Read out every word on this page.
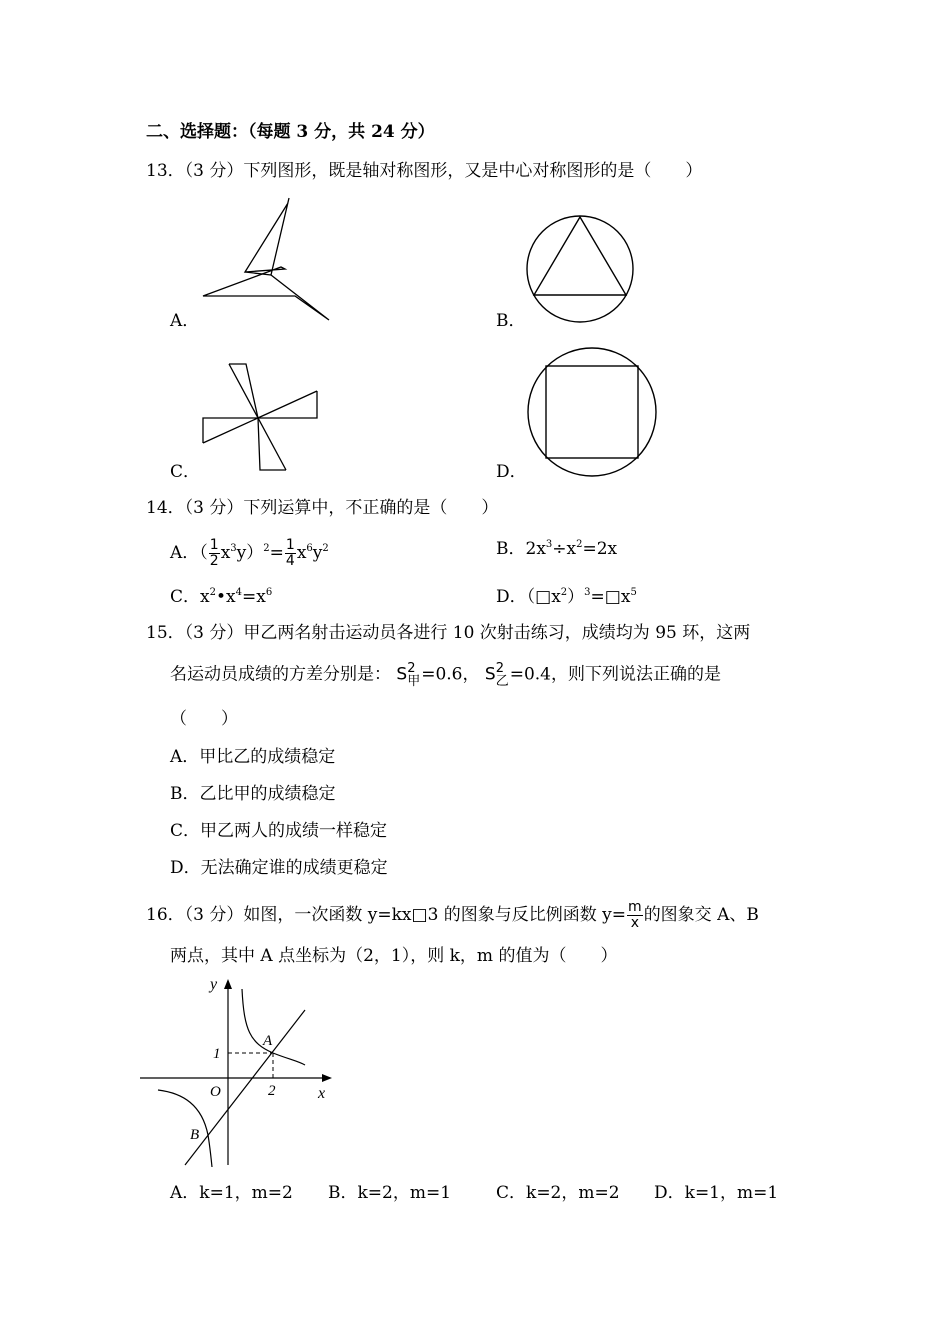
二、选择题：（每题 3 分，共 24 分）
13．（3 分）下列图形，既是轴对称图形，又是中心对称图形的是（　　）
A．	B．
C．	D．
14．（3 分）下列运算中，不正确的是（　　）
A．（ $\frac{1}{2} x^3y)^2= \frac{1}{4} x^6y^2$	B．$2x^3\div x^2=2x$
C．$x^2•x^4=x^6$	D．$(□x^2)^3=□x^5$
15．（3 分）甲乙两名射击运动员各进行 10 次射击练习，成绩均为 95 环，这两
名运动员成绩的方差分别是： S 2
甲 =0.6， S 2
乙 =0.4，则下列说法正确的是
（　　）
A．甲比乙的成绩稳定
B．乙比甲的成绩稳定
C．甲乙两人的成绩一样稳定
D．无法确定谁的成绩更稳定
16．（3 分）如图，一次函数 y=kx□3 的图象与反比例函数 $y= \frac{m}{x}$ 的图象交 A、B
两点，其中 A 点坐标为（2，1），则 k，m 的值为（　　）
y
x
O
1
2
A
B
A．k=1，m=2 B．k=2，m=1	C．k=2，m=2 D．k=1，m=1
